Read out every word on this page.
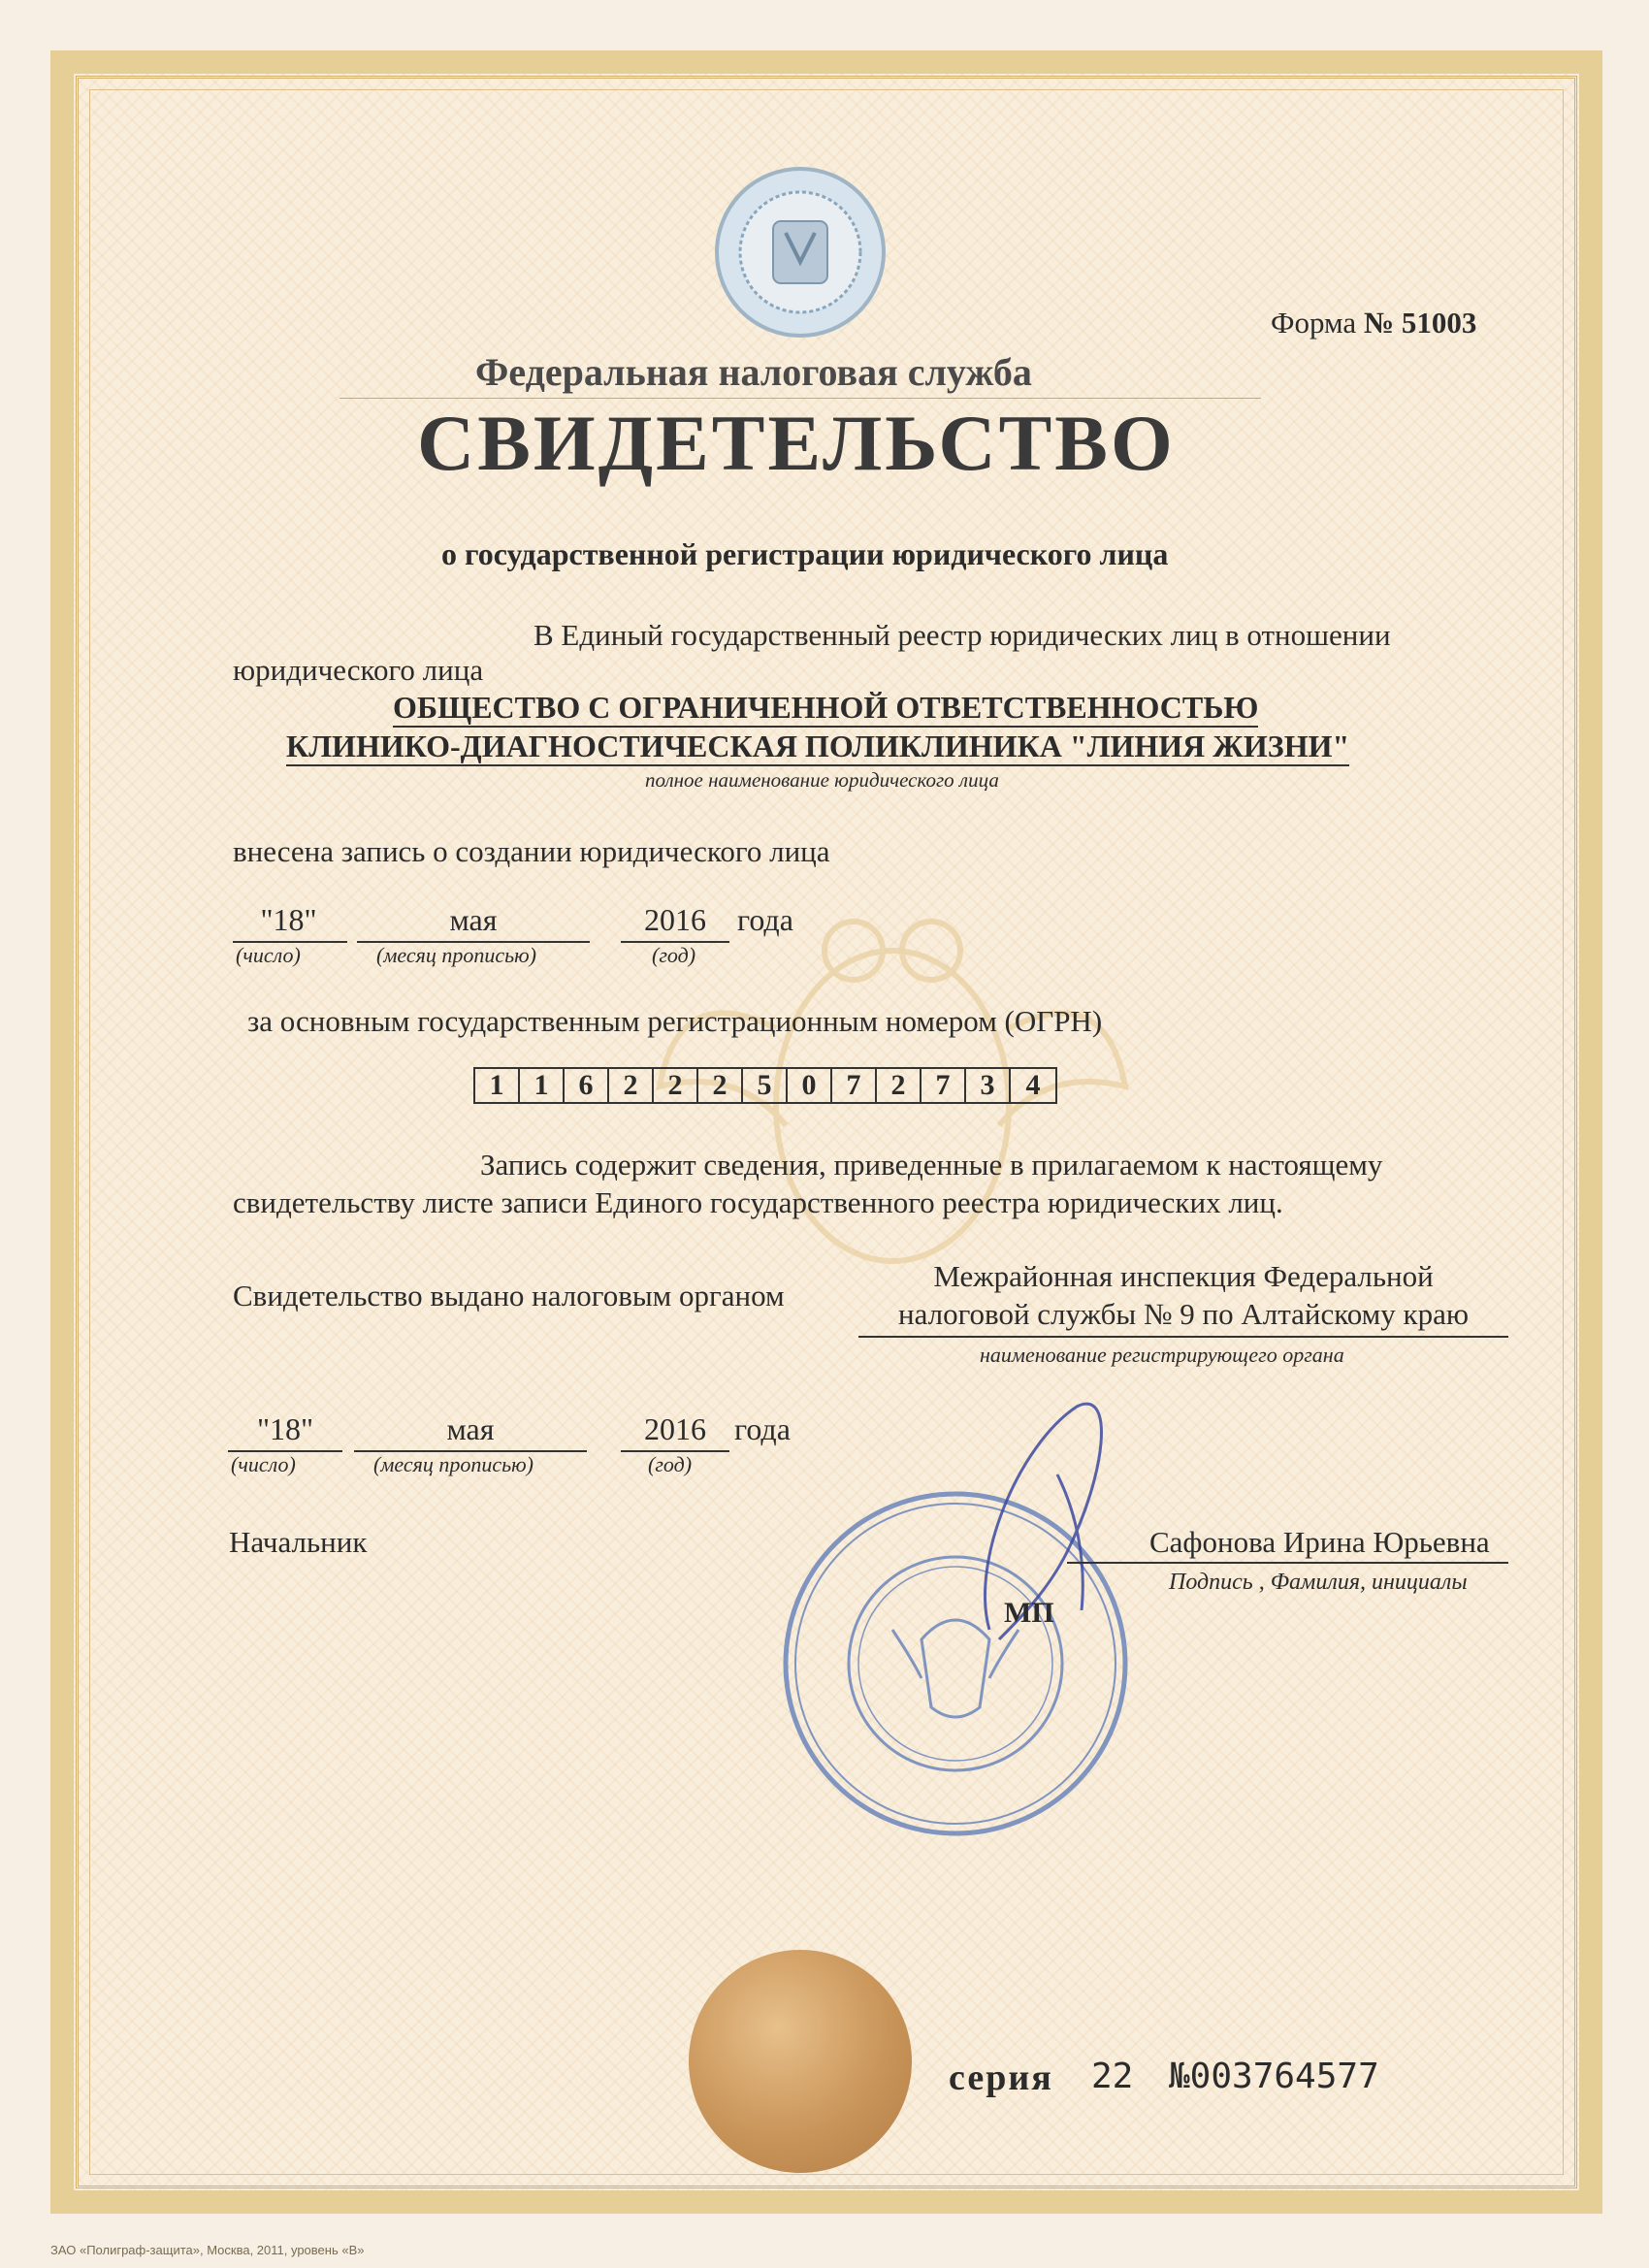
Форма № 51003
Федеральная налоговая служба
СВИДЕТЕЛЬСТВО
о государственной регистрации юридического лица
В Единый государственный реестр юридических лиц в отношении
юридического лица
ОБЩЕСТВО С ОГРАНИЧЕННОЙ ОТВЕТСТВЕННОСТЬЮ
КЛИНИКО-ДИАГНОСТИЧЕСКАЯ ПОЛИКЛИНИКА "ЛИНИЯ ЖИЗНИ"
полное наименование юридического лица
внесена запись о создании юридического лица
"18"	мая	2016	года
(число)	(месяц прописью)	(год)
за основным государственным регистрационным номером (ОГРН)
1	1	6	2	2	2	5	0	7	2	7	3	4
Запись содержит сведения, приведенные в прилагаемом к настоящему
свидетельству листе записи Единого государственного реестра юридических лиц.
Свидетельство выдано налоговым органом
Межрайонная инспекция Федеральной
налоговой службы № 9 по Алтайскому краю
наименование регистрирующего органа
"18"	мая	2016 года
(число)	(месяц прописью)	(год)
Начальник	Сафонова Ирина Юрьевна
Подпись , Фамилия, инициалы
МП
серия 22 №003764577
ЗАО «Полиграф-защита», Москва, 2011, уровень «В»
